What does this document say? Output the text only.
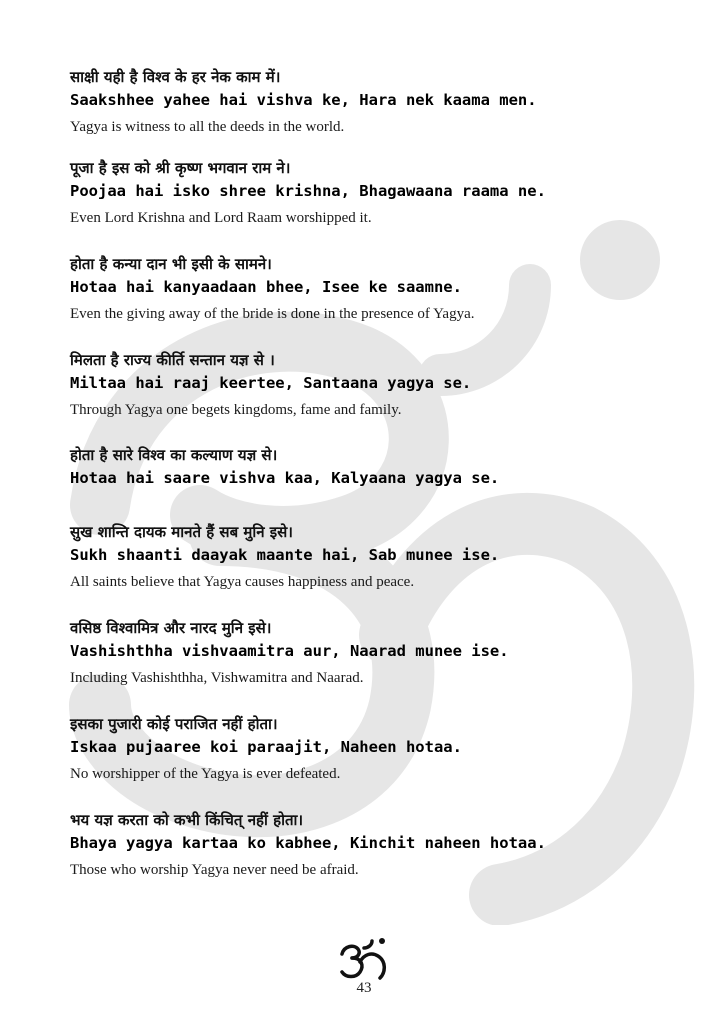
साक्षी यही है विश्व के हर नेक काम में।
Saakshhee yahee hai vishva ke, Hara nek kaama men.
Yagya is witness to all the deeds in the world.
पूजा है इस को श्री कृष्ण भगवान राम ने।
Poojaa hai isko shree krishna, Bhagawaana raama ne.
Even Lord Krishna and Lord Raam worshipped it.
होता है कन्या दान भी इसी के सामने।
Hotaa hai kanyaadaan bhee, Isee ke saamne.
Even the giving away of the bride is done in the presence of Yagya.
मिलता है राज्य कीर्ति सन्तान यज्ञ से ।
Miltaa hai raaj keertee, Santaana yagya se.
Through Yagya one begets kingdoms, fame and family.
होता है सारे विश्व का कल्याण यज्ञ से।
Hotaa hai saare vishva kaa, Kalyaana yagya se.
सुख शान्ति दायक मानते हैं सब मुनि इसे।
Sukh shaanti daayak maante hai, Sab munee ise.
All saints believe that Yagya causes happiness and peace.
वसिष्ठ विश्वामित्र और नारद मुनि इसे।
Vashishthha vishvaamitra aur, Naarad munee ise.
Including Vashishthha, Vishwamitra and Naarad.
इसका पुजारी कोई पराजित नहीं होता।
Iskaa pujaaree koi paraajit, Naheen hotaa.
No worshipper of the Yagya is ever defeated.
भय यज्ञ करता को कभी किंचित् नहीं होता।
Bhaya yagya kartaa ko kabhee, Kinchit naheen hotaa.
Those who worship Yagya never need be afraid.
43
